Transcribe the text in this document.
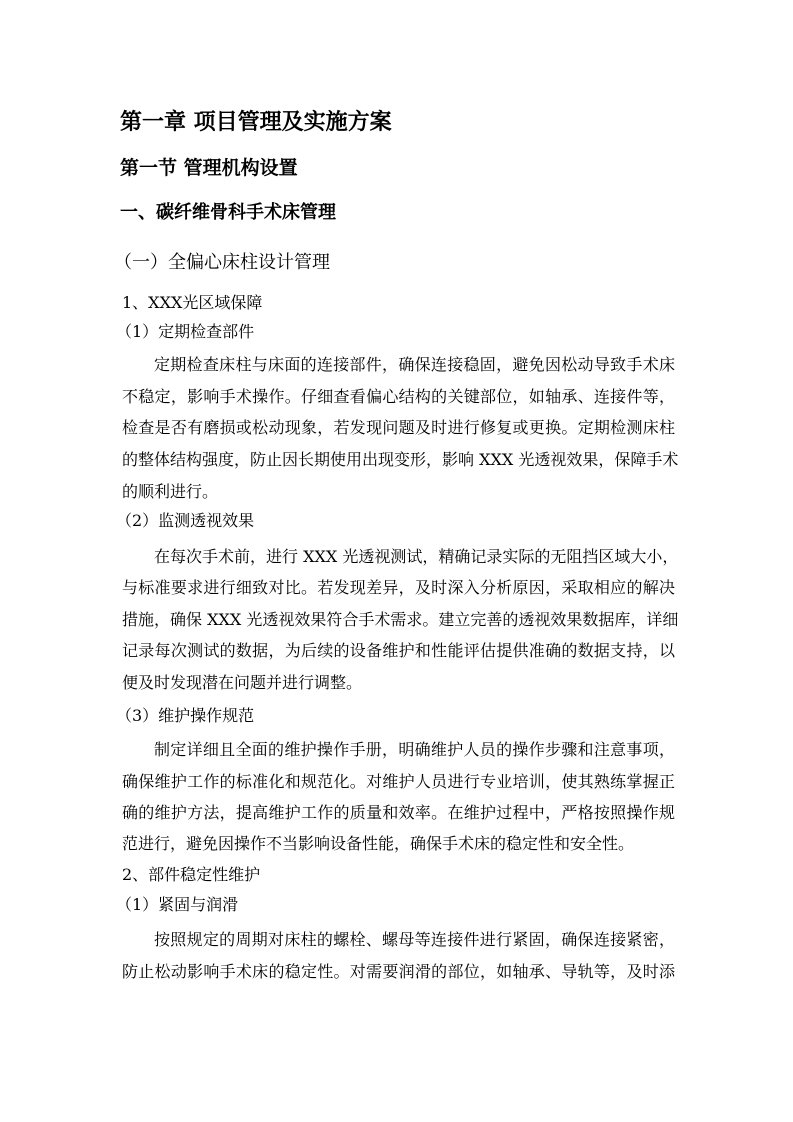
第一章 项目管理及实施方案
第一节 管理机构设置
一、碳纤维骨科手术床管理
（一）全偏心床柱设计管理
1、XXX光区域保障
（1）定期检查部件
定期检查床柱与床面的连接部件，确保连接稳固，避免因松动导致手术床
不稳定，影响手术操作。仔细查看偏心结构的关键部位，如轴承、连接件等，
检查是否有磨损或松动现象，若发现问题及时进行修复或更换。定期检测床柱
的整体结构强度，防止因长期使用出现变形，影响 XXX 光透视效果，保障手术
的顺利进行。
（2）监测透视效果
在每次手术前，进行 XXX 光透视测试，精确记录实际的无阻挡区域大小，
与标准要求进行细致对比。若发现差异，及时深入分析原因，采取相应的解决
措施，确保 XXX 光透视效果符合手术需求。建立完善的透视效果数据库，详细
记录每次测试的数据，为后续的设备维护和性能评估提供准确的数据支持，以
便及时发现潜在问题并进行调整。
（3）维护操作规范
制定详细且全面的维护操作手册，明确维护人员的操作步骤和注意事项，
确保维护工作的标准化和规范化。对维护人员进行专业培训，使其熟练掌握正
确的维护方法，提高维护工作的质量和效率。在维护过程中，严格按照操作规
范进行，避免因操作不当影响设备性能，确保手术床的稳定性和安全性。
2、部件稳定性维护
（1）紧固与润滑
按照规定的周期对床柱的螺栓、螺母等连接件进行紧固，确保连接紧密，
防止松动影响手术床的稳定性。对需要润滑的部位，如轴承、导轨等，及时添
